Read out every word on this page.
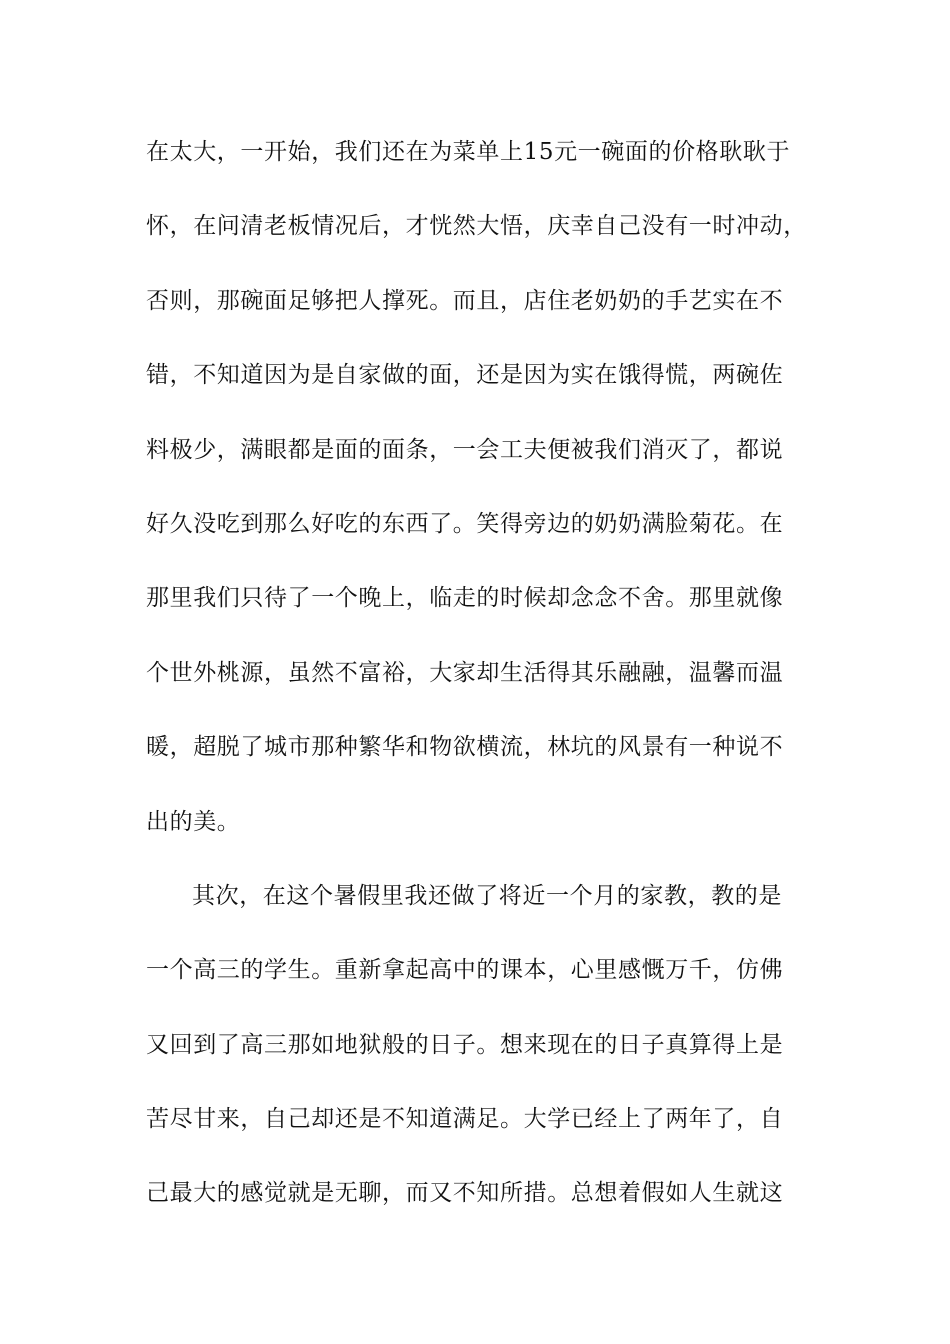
在太大，一开始，我们还在为菜单上15元一碗面的价格耿耿于
怀，在问清老板情况后，才恍然大悟，庆幸自己没有一时冲动，
否则，那碗面足够把人撑死。而且，店住老奶奶的手艺实在不
错，不知道因为是自家做的面，还是因为实在饿得慌，两碗佐
料极少，满眼都是面的面条，一会工夫便被我们消灭了，都说
好久没吃到那么好吃的东西了。笑得旁边的奶奶满脸菊花。在
那里我们只待了一个晚上，临走的时候却念念不舍。那里就像
个世外桃源，虽然不富裕，大家却生活得其乐融融，温馨而温
暖，超脱了城市那种繁华和物欲横流，林坑的风景有一种说不
出的美。
其次，在这个暑假里我还做了将近一个月的家教，教的是
一个高三的学生。重新拿起高中的课本，心里感慨万千，仿佛
又回到了高三那如地狱般的日子。想来现在的日子真算得上是
苦尽甘来，自己却还是不知道满足。大学已经上了两年了，自
己最大的感觉就是无聊，而又不知所措。总想着假如人生就这
